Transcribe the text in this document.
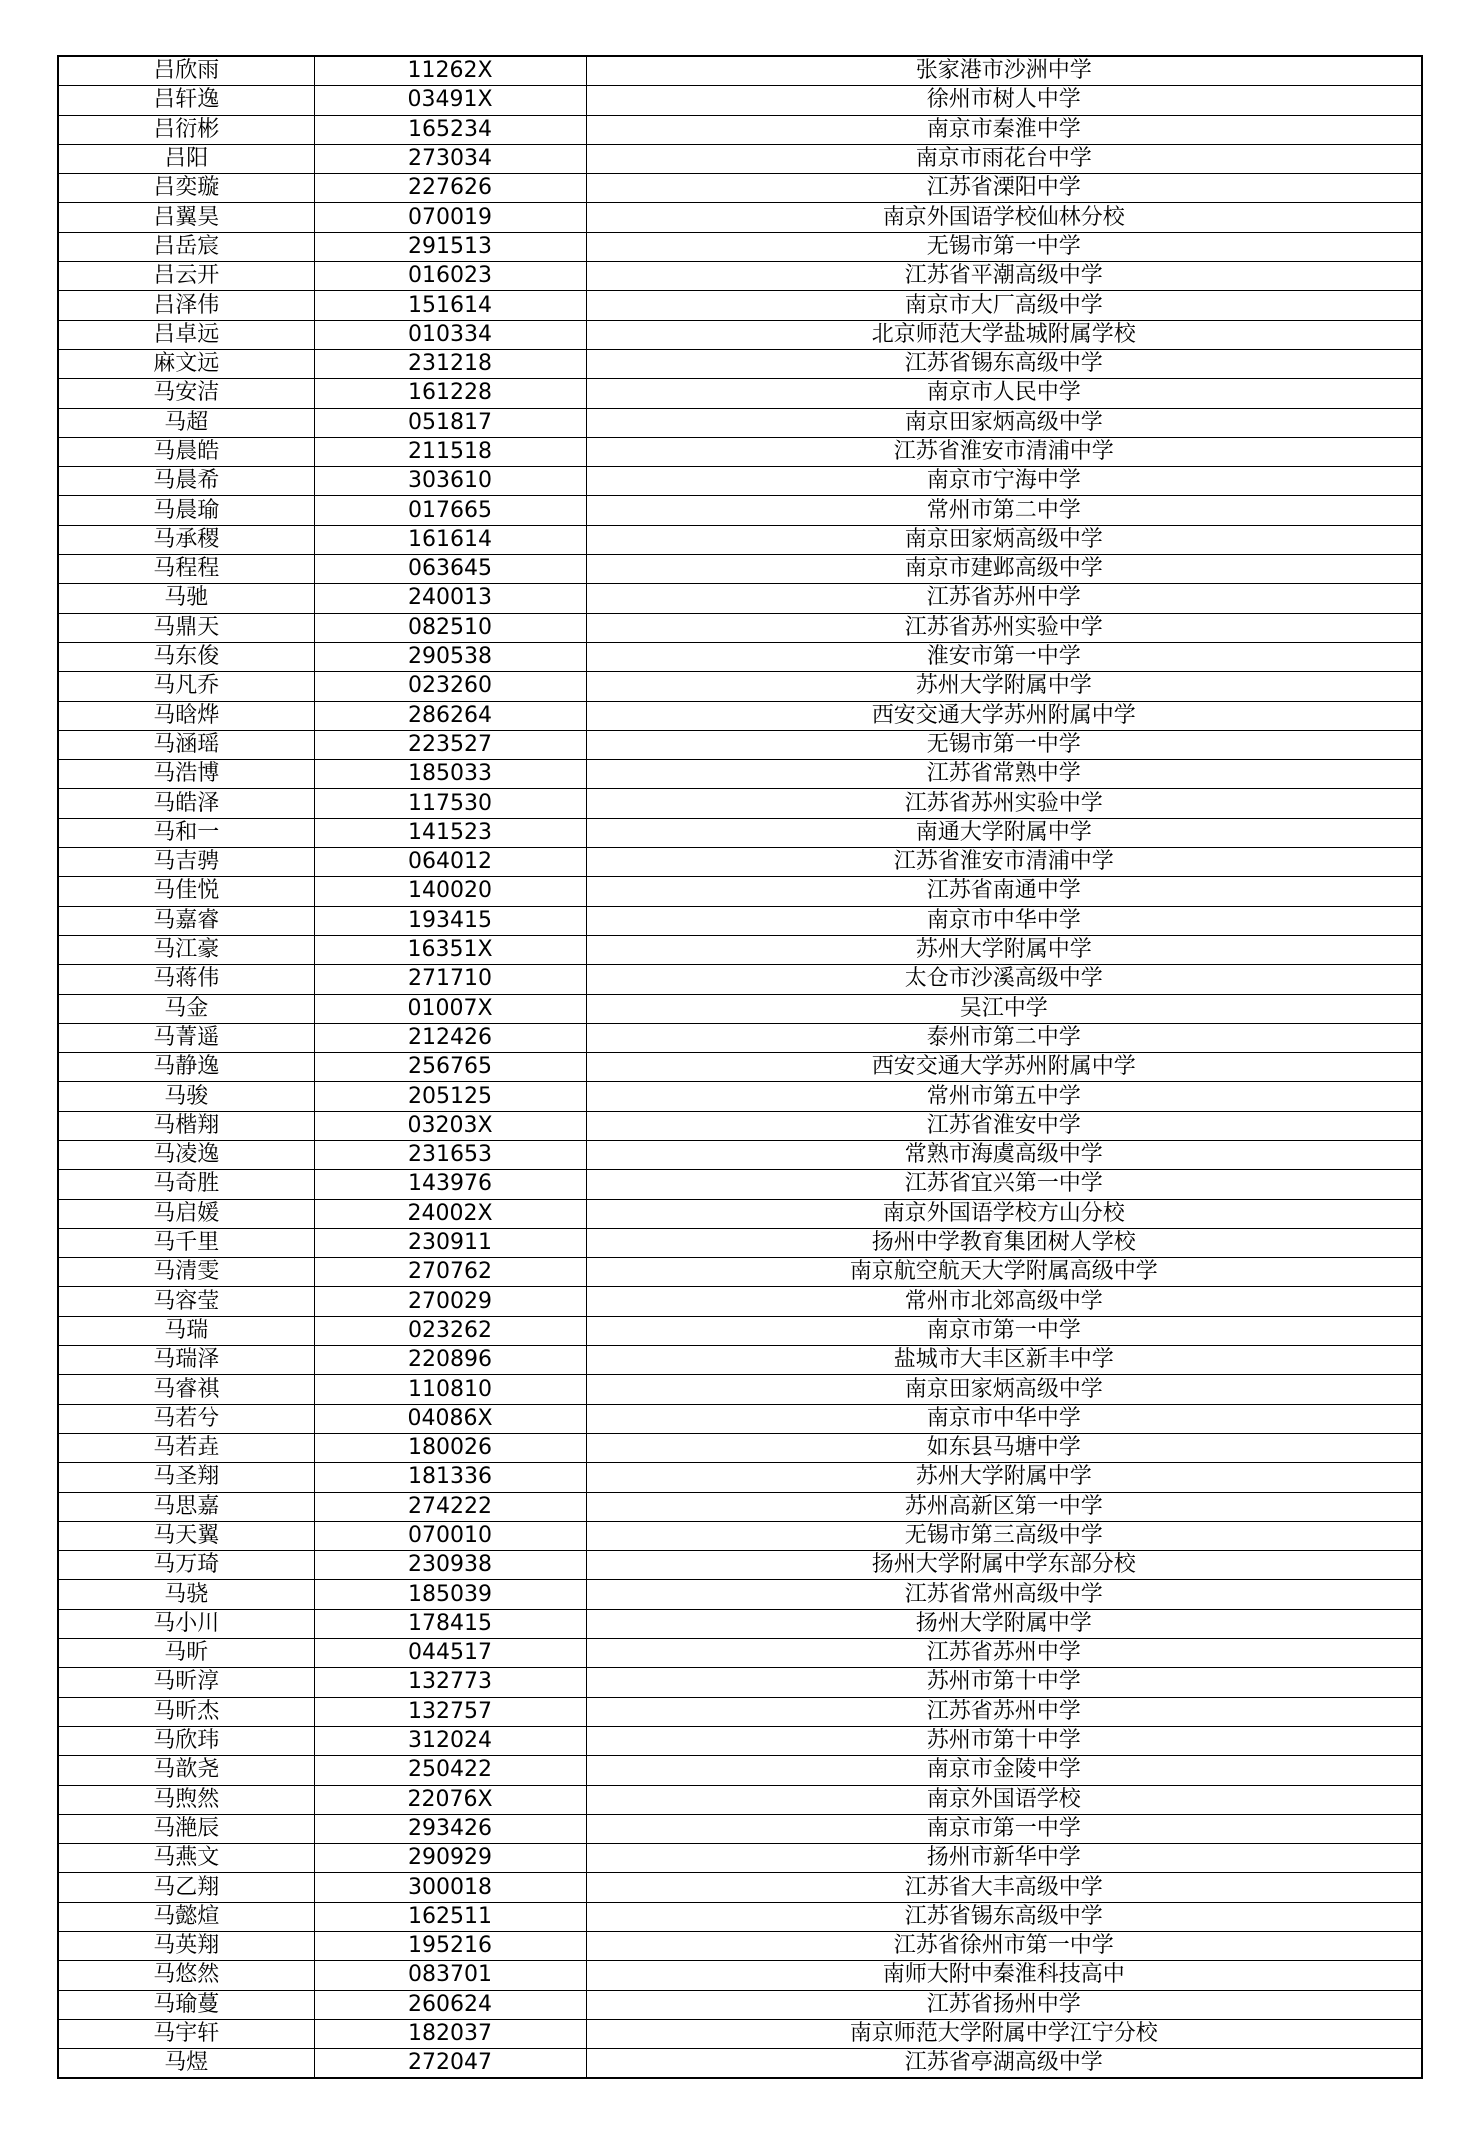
吕欣雨	11262X	张家港市沙洲中学
吕轩逸	03491X	徐州市树人中学
吕衍彬	165234	南京市秦淮中学
吕阳	273034	南京市雨花台中学
吕奕璇	227626	江苏省溧阳中学
吕翼昊	070019	南京外国语学校仙林分校
吕岳宸	291513	无锡市第一中学
吕云开	016023	江苏省平潮高级中学
吕泽伟	151614	南京市大厂高级中学
吕卓远	010334	北京师范大学盐城附属学校
麻文远	231218	江苏省锡东高级中学
马安洁	161228	南京市人民中学
马超	051817	南京田家炳高级中学
马晨皓	211518	江苏省淮安市清浦中学
马晨希	303610	南京市宁海中学
马晨瑜	017665	常州市第二中学
马承稷	161614	南京田家炳高级中学
马程程	063645	南京市建邺高级中学
马驰	240013	江苏省苏州中学
马鼎天	082510	江苏省苏州实验中学
马东俊	290538	淮安市第一中学
马凡乔	023260	苏州大学附属中学
马晗烨	286264	西安交通大学苏州附属中学
马涵瑶	223527	无锡市第一中学
马浩博	185033	江苏省常熟中学
马皓泽	117530	江苏省苏州实验中学
马和一	141523	南通大学附属中学
马吉骋	064012	江苏省淮安市清浦中学
马佳悦	140020	江苏省南通中学
马嘉睿	193415	南京市中华中学
马江豪	16351X	苏州大学附属中学
马蒋伟	271710	太仓市沙溪高级中学
马金	01007X	吴江中学
马菁遥	212426	泰州市第二中学
马静逸	256765	西安交通大学苏州附属中学
马骏	205125	常州市第五中学
马楷翔	03203X	江苏省淮安中学
马凌逸	231653	常熟市海虞高级中学
马奇胜	143976	江苏省宜兴第一中学
马启媛	24002X	南京外国语学校方山分校
马千里	230911	扬州中学教育集团树人学校
马清雯	270762	南京航空航天大学附属高级中学
马容莹	270029	常州市北郊高级中学
马瑞	023262	南京市第一中学
马瑞泽	220896	盐城市大丰区新丰中学
马睿祺	110810	南京田家炳高级中学
马若兮	04086X	南京市中华中学
马若垚	180026	如东县马塘中学
马圣翔	181336	苏州大学附属中学
马思嘉	274222	苏州高新区第一中学
马天翼	070010	无锡市第三高级中学
马万琦	230938	扬州大学附属中学东部分校
马骁	185039	江苏省常州高级中学
马小川	178415	扬州大学附属中学
马昕	044517	江苏省苏州中学
马昕淳	132773	苏州市第十中学
马昕杰	132757	江苏省苏州中学
马欣玮	312024	苏州市第十中学
马歆尧	250422	南京市金陵中学
马煦然	22076X	南京外国语学校
马滟辰	293426	南京市第一中学
马燕文	290929	扬州市新华中学
马乙翔	300018	江苏省大丰高级中学
马懿煊	162511	江苏省锡东高级中学
马英翔	195216	江苏省徐州市第一中学
马悠然	083701	南师大附中秦淮科技高中
马瑜蔓	260624	江苏省扬州中学
马宇轩	182037	南京师范大学附属中学江宁分校
马煜	272047	江苏省亭湖高级中学
